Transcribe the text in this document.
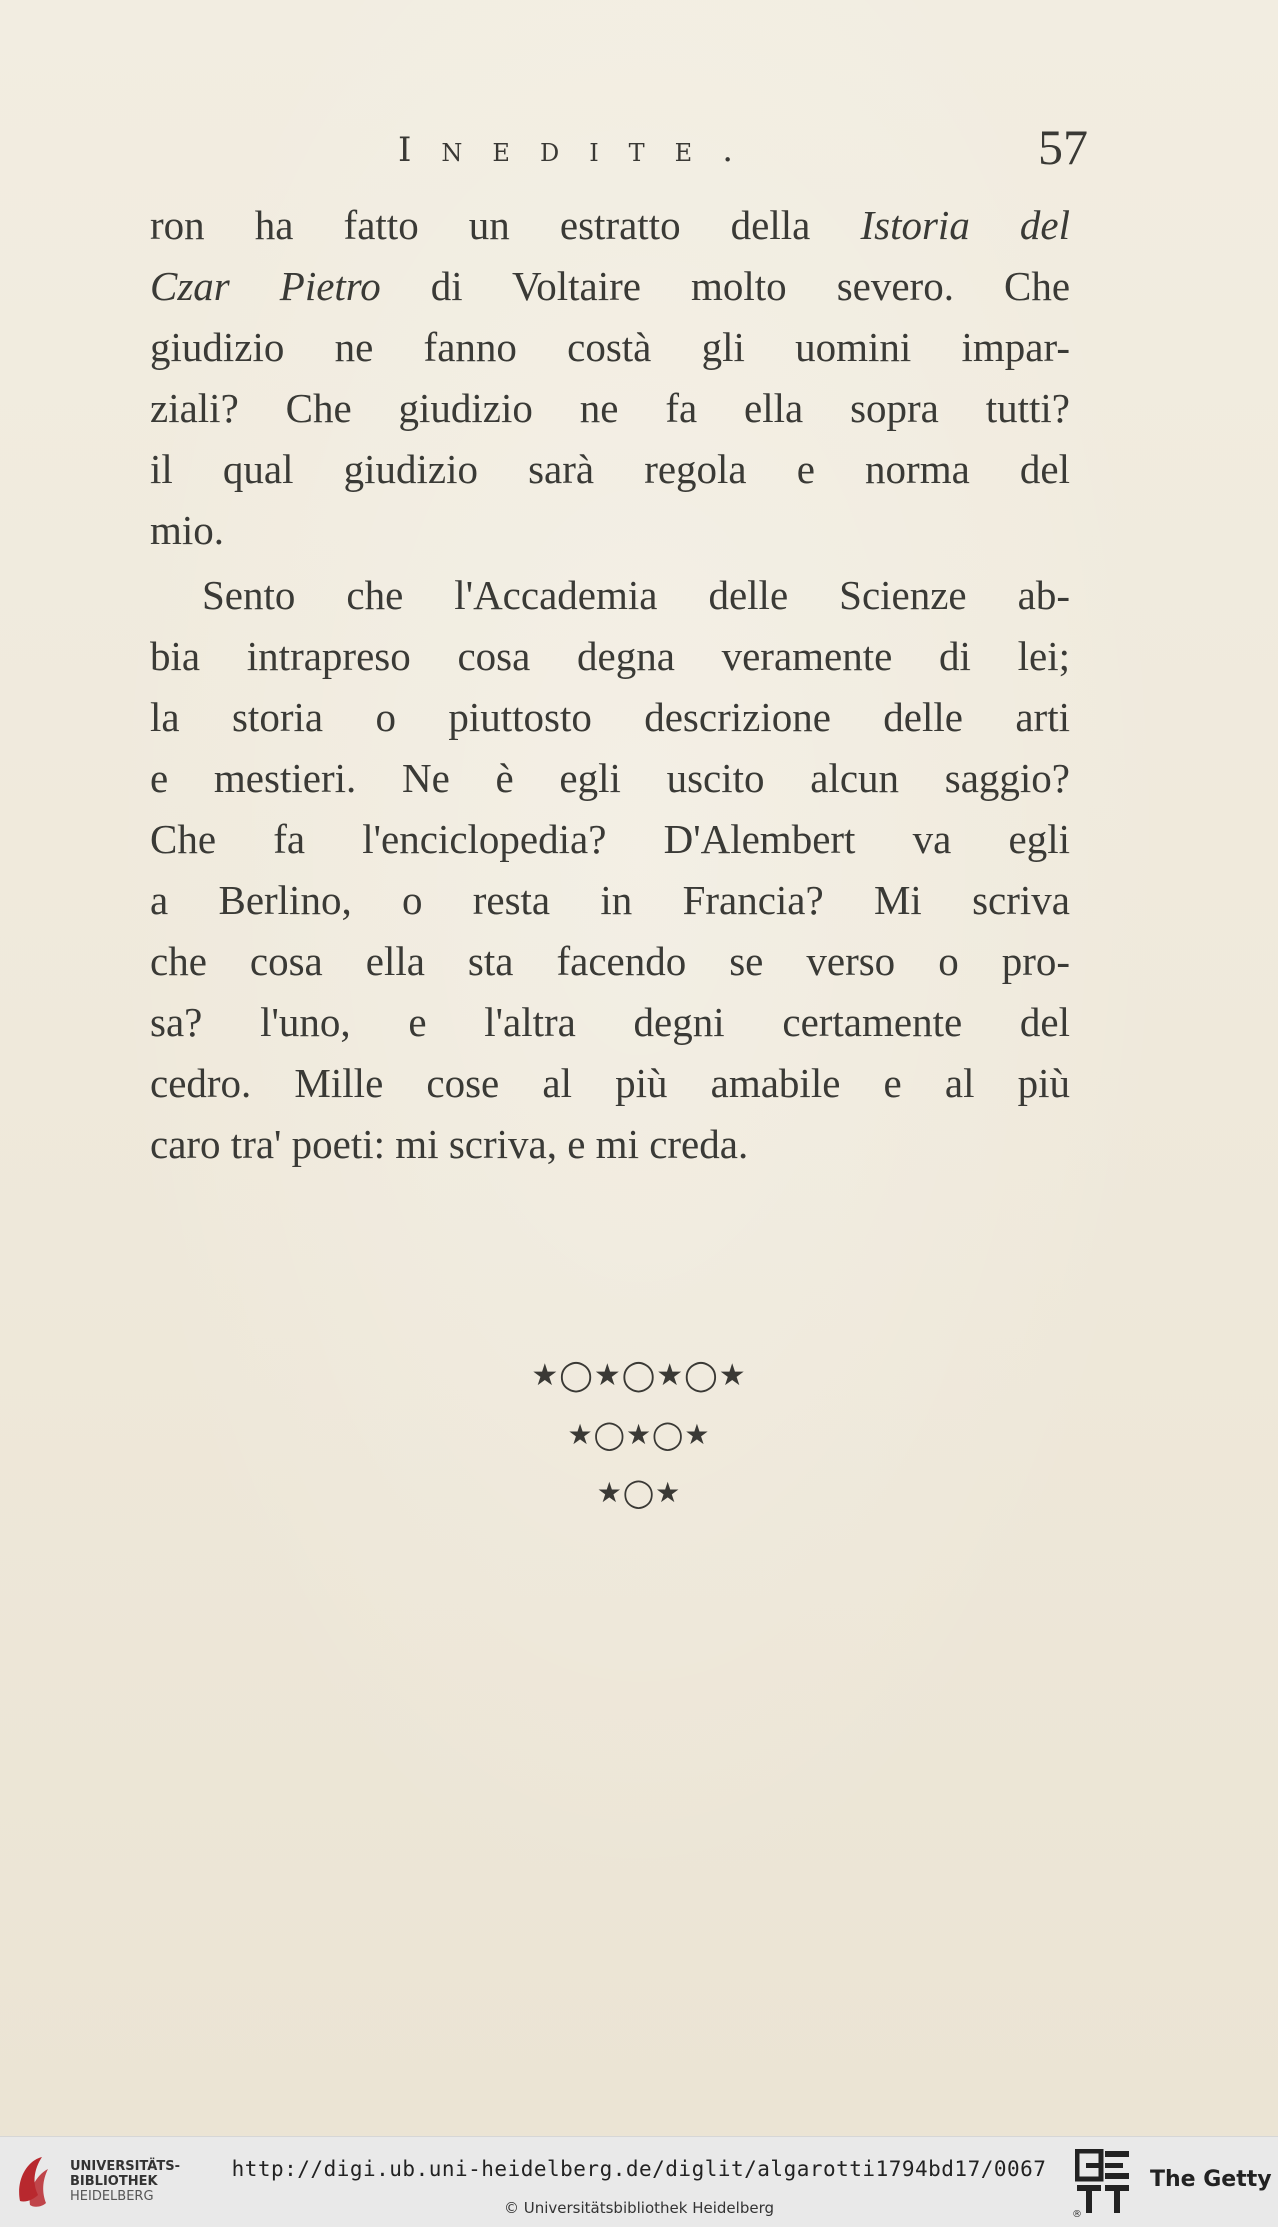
Inedite.	57

ron ha fatto un estratto della Istoria del
Czar Pietro di Voltaire molto severo. Che
giudizio ne fanno costà gli uomini impar-
ziali? Che giudizio ne fa ella sopra tutti?
il qual giudizio sarà regola e norma del
mio.

Sento che l'Accademia delle Scienze ab-
bia intrapreso cosa degna veramente di lei;
la storia o piuttosto descrizione delle arti
e mestieri. Ne è egli uscito alcun saggio?
Che fa l'enciclopedia? D'Alembert va egli
a Berlino, o resta in Francia? Mi scriva
che cosa ella sta facendo se verso o pro-
sa? l'uno, e l'altra degni certamente del
cedro. Mille cose al più amabile e al più
caro tra' poeti: mi scriva, e mi creda.

★◯★◯★◯★
★◯★◯★
★◯★
UNIVERSITÄTS-
BIBLIOTHEK
HEIDELBERG
http://digi.ub.uni-heidelberg.de/diglit/algarotti1794bd17/0067
© Universitätsbibliothek Heidelberg	®
The Getty
